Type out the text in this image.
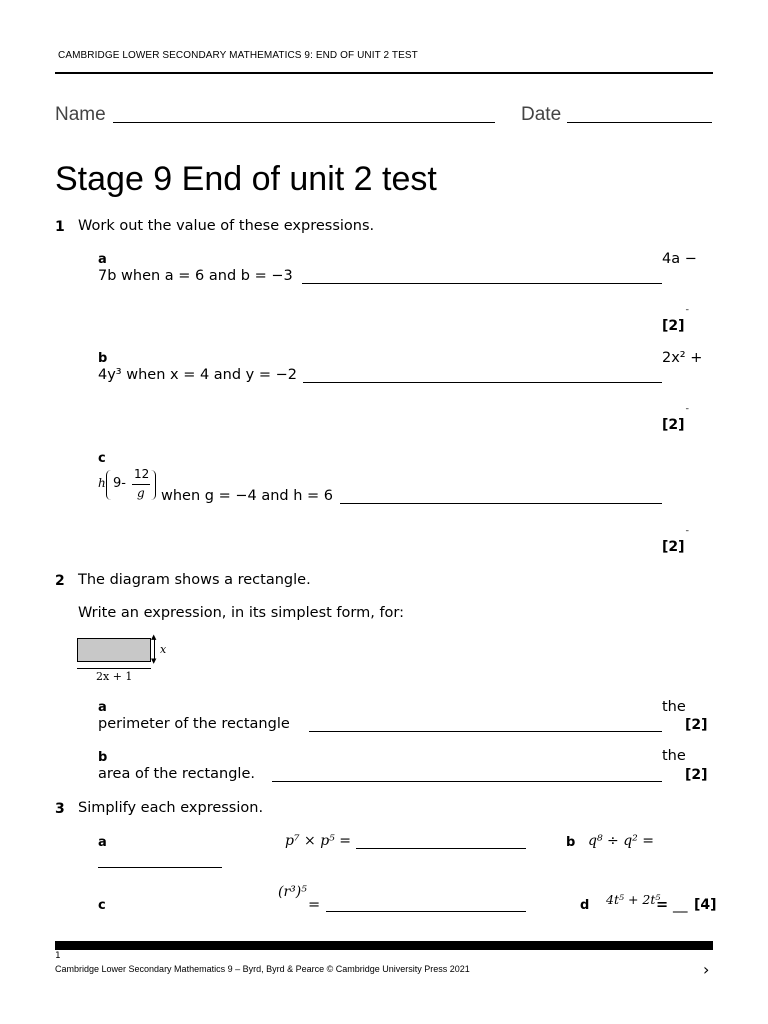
CAMBRIDGE LOWER SECONDARY MATHEMATICS 9: END OF UNIT 2 TEST
Name	Date
Stage 9 End of unit 2 test
1 Work out the value of these expressions.
a	4a −
7b when a = 6 and b = −3
[2]
¯
b	2x² +
4y³ when x = 4 and y = −2
[2]
¯
c
h 9-
12
g when g = −4 and h = 6
[2]
¯
2 The diagram shows a rectangle.
Write an expression, in its simplest form, for:
▲
▼
x
2x + 1
a	the
perimeter of the rectangle	[2]
b	the
area of the rectangle.	[2]
3 Simplify each expression.
a	p⁷ × p⁵ =	b q⁸ ÷ q² =
c
(r³)⁵
=	d 4t⁵ + 2t⁵
= __ [4]
1
Cambridge Lower Secondary Mathematics 9 – Byrd, Byrd & Pearce © Cambridge University Press 2021	›
